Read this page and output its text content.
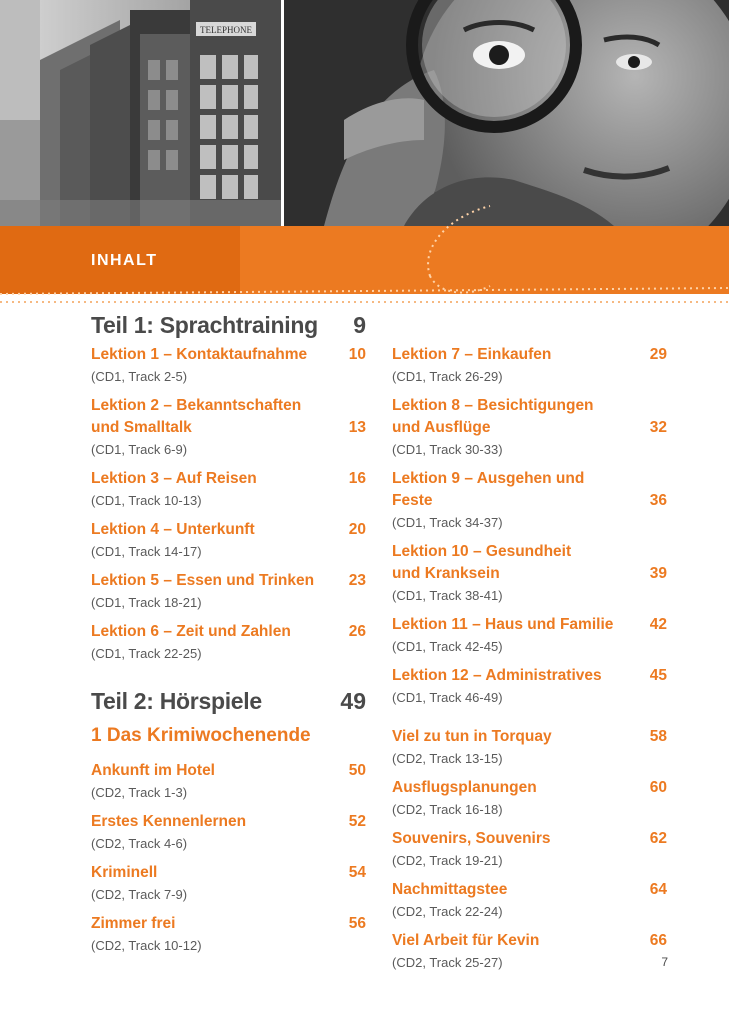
TELEPHONE
INHALT
Teil 1: Sprachtraining	9
Teil 2: Hörspiele	49
1 Das Krimiwochenende
Lektion 1 – Kontaktaufnahme	10
(CD1, Track 2-5)
Lektion 2 – Bekanntschaften
und Smalltalk	13
(CD1, Track 6-9)
Lektion 3 – Auf Reisen	16
(CD1, Track 10-13)
Lektion 4 – Unterkunft	20
(CD1, Track 14-17)
Lektion 5 – Essen und Trinken	23
(CD1, Track 18-21)
Lektion 6 – Zeit und Zahlen	26
(CD1, Track 22-25)
Lektion 7 – Einkaufen	29
(CD1, Track 26-29)
Lektion 8 – Besichtigungen
und Ausflüge	32
(CD1, Track 30-33)
Lektion 9 – Ausgehen und Feste	36
(CD1, Track 34-37)
Lektion 10 – Gesundheit
und Kranksein	39
(CD1, Track 38-41)
Lektion 11 – Haus und Familie	42
(CD1, Track 42-45)
Lektion 12 – Administratives	45
(CD1, Track 46-49)
Ankunft im Hotel	50
(CD2, Track 1-3)
Erstes Kennenlernen	52
(CD2, Track 4-6)
Kriminell	54
(CD2, Track 7-9)
Zimmer frei	56
(CD2, Track 10-12)
Viel zu tun in Torquay	58
(CD2, Track 13-15)
Ausflugsplanungen	60
(CD2, Track 16-18)
Souvenirs, Souvenirs	62
(CD2, Track 19-21)
Nachmittagstee	64
(CD2, Track 22-24)
Viel Arbeit für Kevin	66
(CD2, Track 25-27)	7
